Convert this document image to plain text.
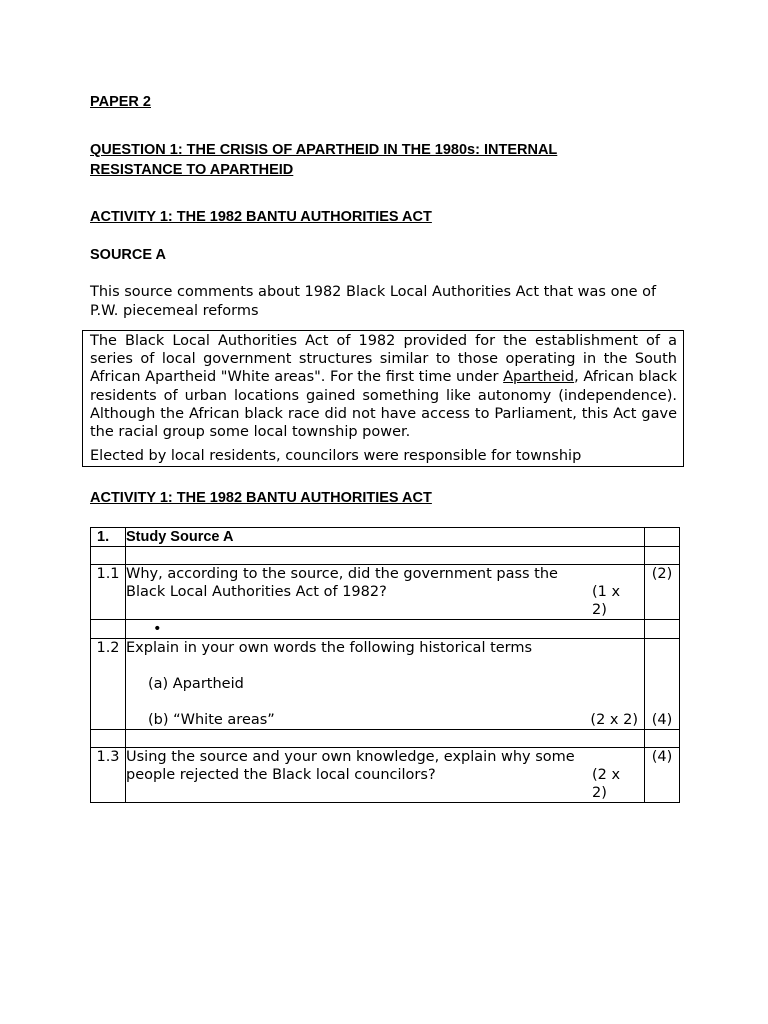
PAPER 2
QUESTION 1: THE CRISIS OF APARTHEID IN THE 1980s: INTERNAL
RESISTANCE TO APARTHEID
ACTIVITY 1: THE 1982 BANTU AUTHORITIES ACT
SOURCE A

This source comments about 1982 Black Local Authorities Act that was one of P.W. piecemeal reforms

The Black Local Authorities Act of 1982 provided for the establishment of a series of local government structures similar to those operating in the South African Apartheid "White areas". For the first time under Apartheid, African black residents of urban locations gained something like autonomy (independence). Although the African black race did not have access to Parliament, this Act gave the racial group some local township power.

Elected by local residents, councilors were responsible for township

ACTIVITY 1: THE 1982 BANTU AUTHORITIES ACT
1.	Study Source A	

1.1	Why, according to the source, did the government pass the Black Local Authorities Act of 1982? (1 x 2)	(2)
	•	
1.2	Explain in your own words the following historical terms
(a) Apartheid
(b) “White areas” (2 x 2)	(4)

1.3	Using the source and your own knowledge, explain why some people rejected the Black local councilors? (2 x 2)	(4)
